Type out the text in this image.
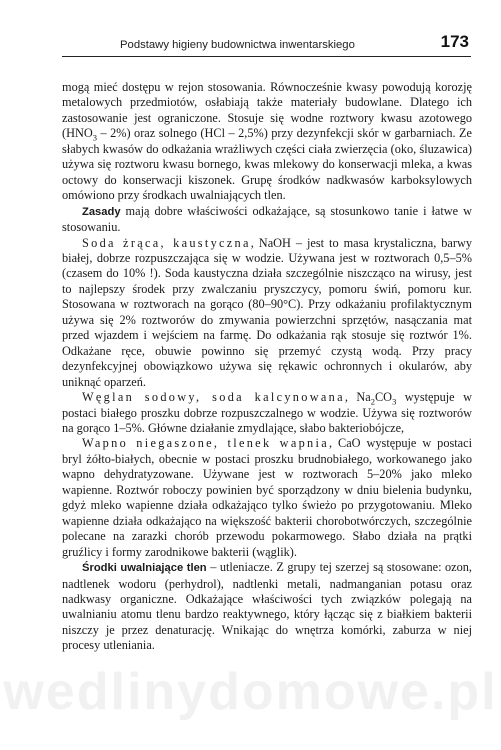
Podstawy higieny budownictwa inwentarskiego	173

mogą mieć dostępu w rejon stosowania. Równocześnie kwasy powodują korozję metalowych przedmiotów, osłabiają także materiały budowlane. Dlatego ich zastosowanie jest ograniczone. Stosuje się wodne roztwory kwasu azotowego $(HNO_3 - 2\%)$ oraz solnego (HCl – 2,5%) przy dezynfekcji skór w garbarniach. Ze słabych kwasów do odkażania wrażliwych części ciała zwierzęcia (oko, śluzawica) używa się roztworu kwasu bornego, kwas mlekowy do konserwacji mleka, a kwas octowy do konserwacji kiszonek. Grupę środków nadkwasów karboksylowych omówiono przy środkach uwalniających tlen.

Zasady mają dobre właściwości odkażające, są stosunkowo tanie i łatwe w stosowaniu.

Soda żrąca, kaustyczna, NaOH – jest to masa krystaliczna, barwy białej, dobrze rozpuszczająca się w wodzie. Używana jest w roztworach 0,5–5% (czasem do 10% !). Soda kaustyczna działa szczególnie niszcząco na wirusy, jest to najlepszy środek przy zwalczaniu pryszczycy, pomoru świń, pomoru kur. Stosowana w roztworach na gorąco (80–90°C). Przy odkażaniu profilaktycznym używa się 2% roztworów do zmywania powierzchni sprzętów, nasączania mat przed wjazdem i wejściem na farmę. Do odkażania rąk stosuje się roztwór 1%. Odkażane ręce, obuwie powinno się przemyć czystą wodą. Przy pracy dezynfekcyjnej obowiązkowo używa się rękawic ochronnych i okularów, aby uniknąć oparzeń.

Węglan sodowy, soda kalcynowana, $Na_2CO_3$ występuje w postaci białego proszku dobrze rozpuszczalnego w wodzie. Używa się roztworów na gorąco 1–5%. Główne działanie zmydlające, słabo bakteriobójcze,

Wapno niegaszone, tlenek wapnia, CaO występuje w postaci bryl żółto-białych, obecnie w postaci proszku brudnobiałego, workowanego jako wapno dehydratyzowane. Używane jest w roztworach 5–20% jako mleko wapienne. Roztwór roboczy powinien być sporządzony w dniu bielenia budynku, gdyż mleko wapienne działa odkażająco tylko świeżo po przygotowaniu. Mleko wapienne działa odkażająco na większość bakterii chorobotwórczych, szczególnie polecane na zarazki chorób przewodu pokarmowego. Słabo działa na prątki gruźlicy i formy zarodnikowe bakterii (wąglik).

Środki uwalniające tlen – utleniacze. Z grupy tej szerzej są stosowane: ozon, nadtlenek wodoru (perhydrol), nadtlenki metali, nadmanganian potasu oraz nadkwasy organiczne. Odkażające właściwości tych związków polegają na uwalnianiu atomu tlenu bardzo reaktywnego, który łącząc się z białkiem bakterii niszczy je przez denaturację. Wnikając do wnętrza komórki, zaburza w niej procesy utleniania.

wedlinydomowe.pl
